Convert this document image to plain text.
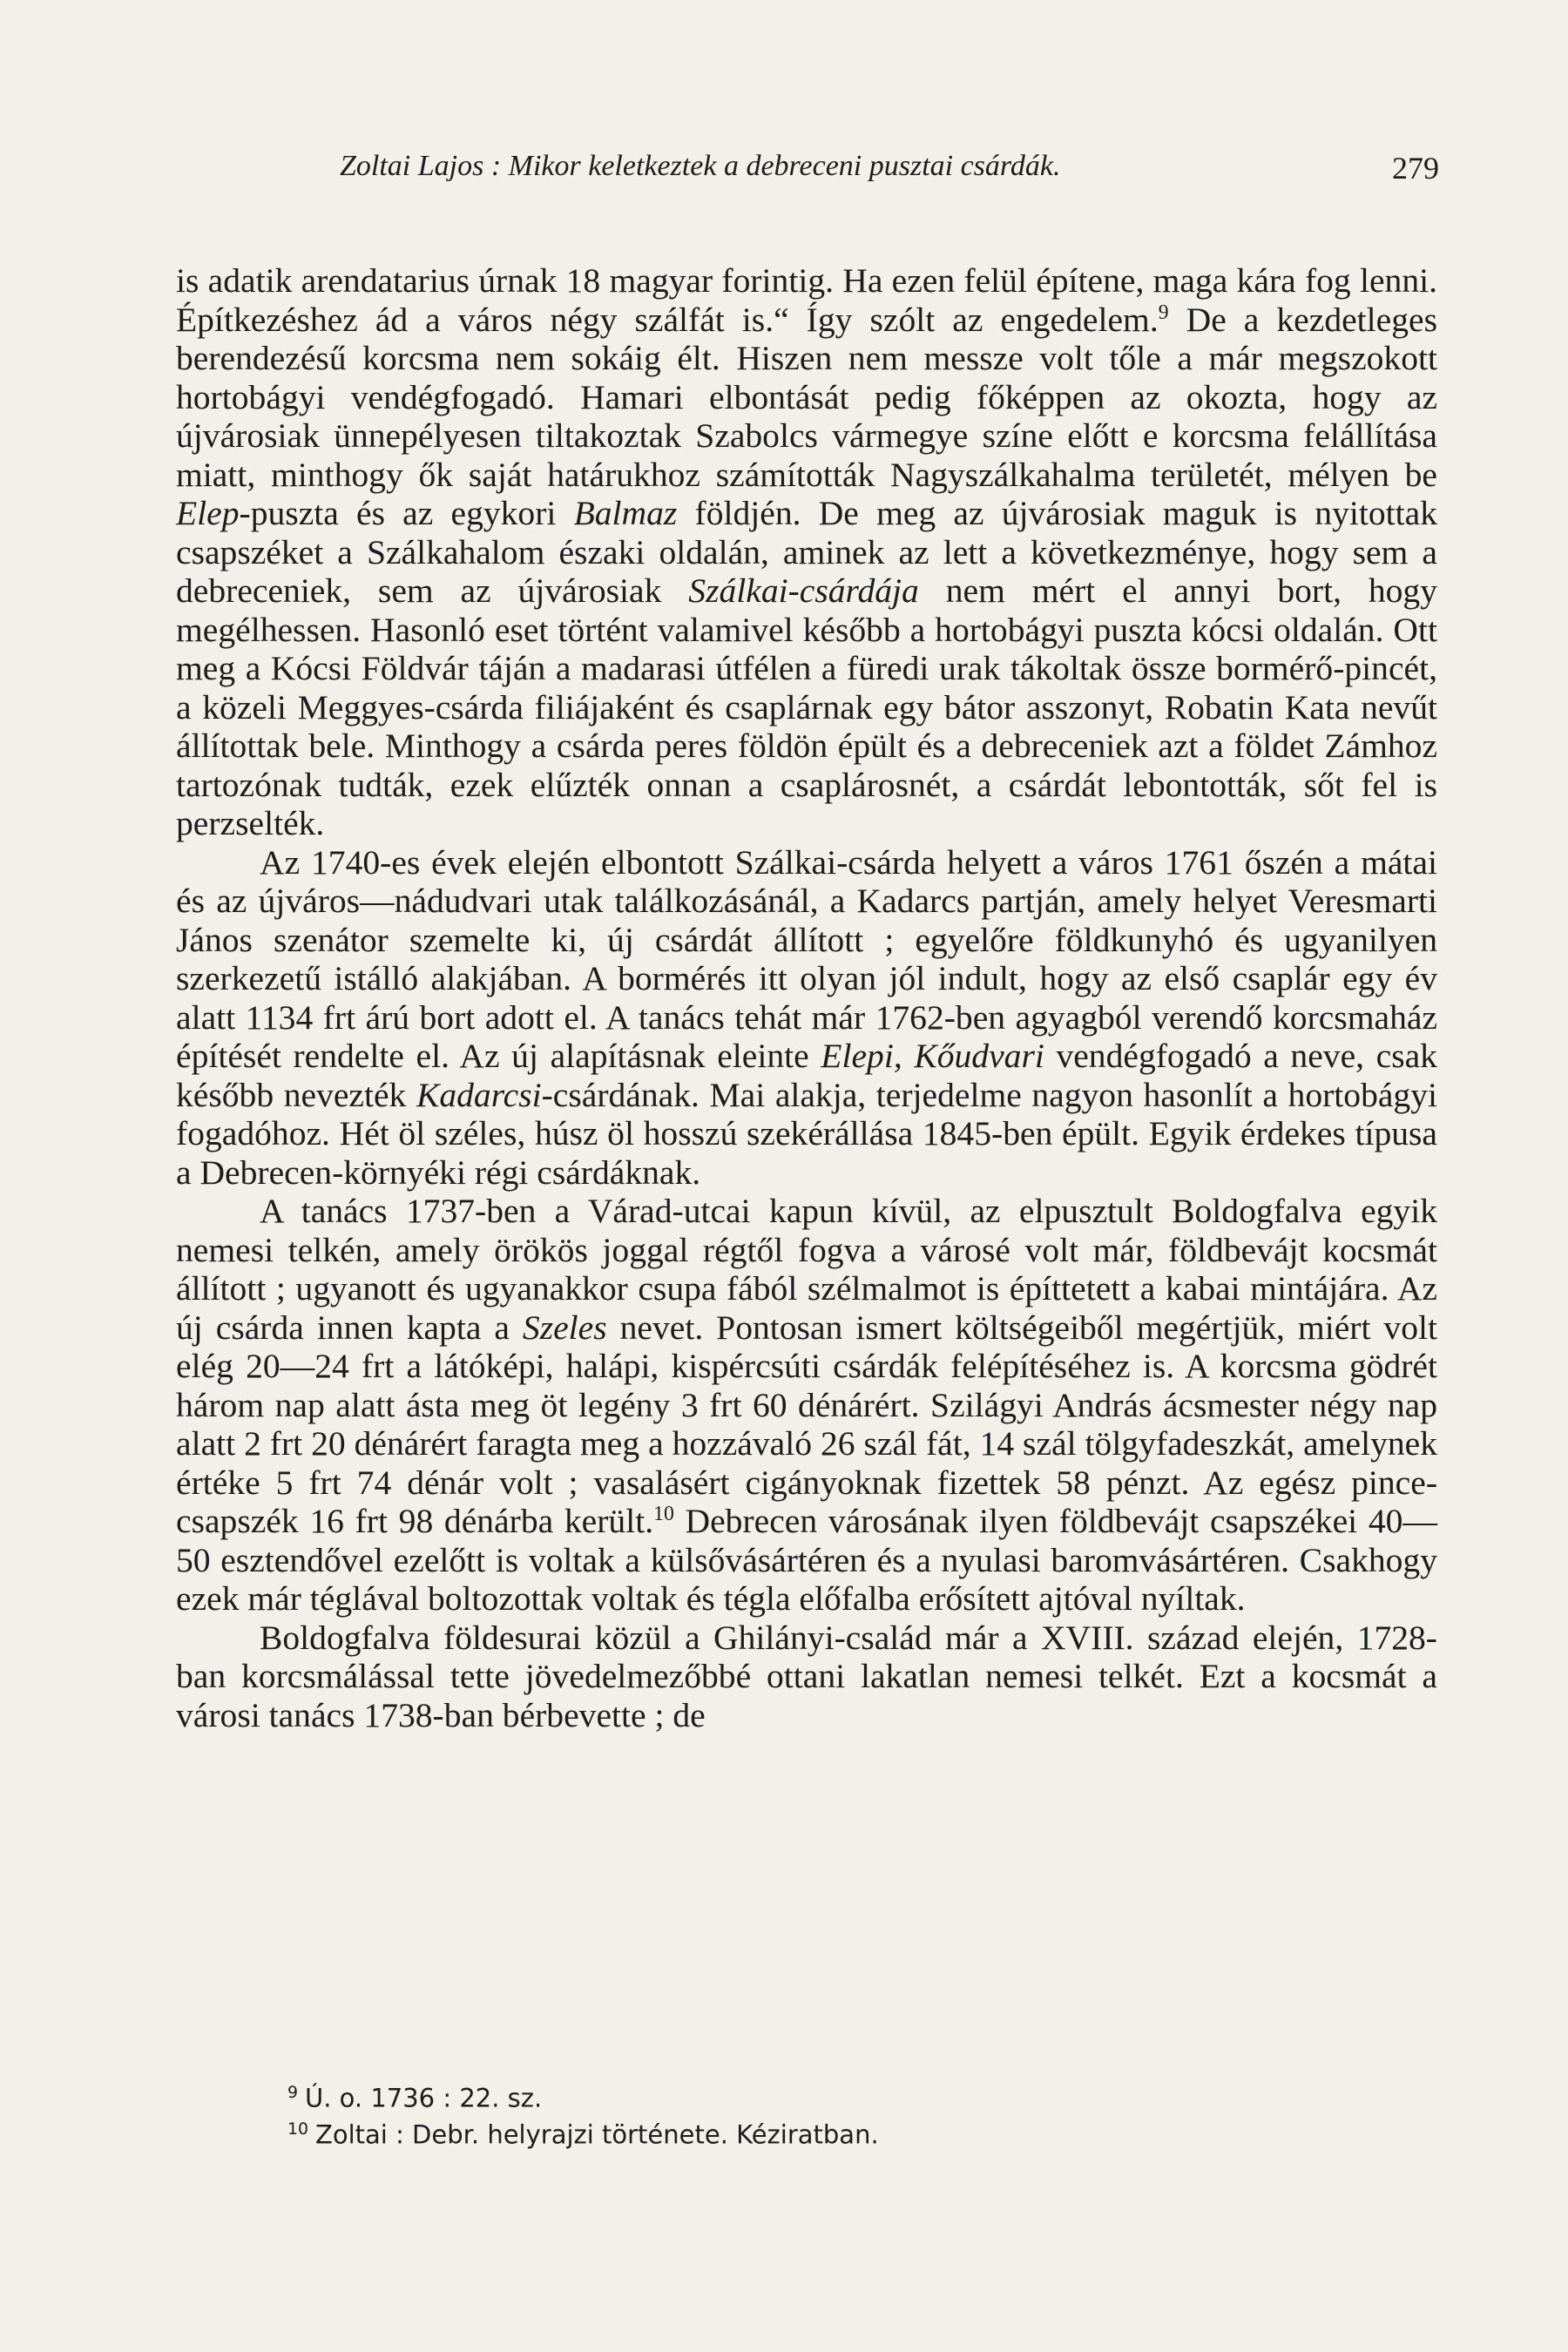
Zoltai Lajos : Mikor keletkeztek a debreceni pusztai csárdák.	279

is adatik arendatarius úrnak 18 magyar forintig. Ha ezen felül építene, maga kára fog lenni. Építkezéshez ád a város négy szálfát is.“ Így szólt az engedelem.$^9$ De a kezdetleges berendezésű korcsma nem sokáig élt. Hiszen nem messze volt tőle a már megszokott hortobágyi vendégfogadó. Hamari elbontását pedig főképpen az okozta, hogy az újvárosiak ünnepélyesen tiltakoztak Szabolcs vármegye színe előtt e korcsma felállítása miatt, minthogy ők saját határukhoz számították Nagyszálkahalma területét, mélyen be Elep-puszta és az egykori Balmaz földjén. De meg az újvárosiak maguk is nyitottak csapszéket a Szálkahalom északi oldalán, aminek az lett a következménye, hogy sem a debreceniek, sem az újvárosiak Szálkai-csárdája nem mért el annyi bort, hogy megélhessen. Hasonló eset történt valamivel később a hortobágyi puszta kócsi oldalán. Ott meg a Kócsi Földvár táján a madarasi útfélen a füredi urak tákoltak össze bormérő-pincét, a közeli Meggyes-csárda filiájaként és csaplárnak egy bátor asszonyt, Robatin Kata nevűt állítottak bele. Minthogy a csárda peres földön épült és a debreceniek azt a földet Zámhoz tartozónak tudták, ezek elűzték onnan a csaplárosnét, a csárdát lebontották, sőt fel is perzselték.

Az 1740-es évek elején elbontott Szálkai-csárda helyett a város 1761 őszén a mátai és az újváros—nádudvari utak találkozásánál, a Kadarcs partján, amely helyet Veresmarti János szenátor szemelte ki, új csárdát állított ; egyelőre földkunyhó és ugyanilyen szerkezetű istálló alakjában. A bormérés itt olyan jól indult, hogy az első csaplár egy év alatt 1134 frt árú bort adott el. A tanács tehát már 1762-ben agyagból verendő korcsmaház építését rendelte el. Az új alapításnak eleinte Elepi, Kőudvari vendégfogadó a neve, csak később nevezték Kadarcsi-csárdának. Mai alakja, terjedelme nagyon hasonlít a hortobágyi fogadóhoz. Hét öl széles, húsz öl hosszú szekérállása 1845-ben épült. Egyik érdekes típusa a Debrecen-környéki régi csárdáknak.

A tanács 1737-ben a Várad-utcai kapun kívül, az elpusztult Boldogfalva egyik nemesi telkén, amely örökös joggal régtől fogva a városé volt már, földbevájt kocsmát állított ; ugyanott és ugyanakkor csupa fából szélmalmot is építtetett a kabai mintájára. Az új csárda innen kapta a Szeles nevet. Pontosan ismert költségeiből megértjük, miért volt elég 20—24 frt a látóképi, halápi, kispércsúti csárdák felépítéséhez is. A korcsma gödrét három nap alatt ásta meg öt legény 3 frt 60 dénárért. Szilágyi András ácsmester négy nap alatt 2 frt 20 dénárért faragta meg a hozzávaló 26 szál fát, 14 szál tölgyfadeszkát, amelynek értéke 5 frt 74 dénár volt ; vasalásért cigányoknak fizettek 58 pénzt. Az egész pince-csapszék 16 frt 98 dénárba került.$^{10}$ Debrecen városának ilyen földbevájt csapszékei 40—50 esztendővel ezelőtt is voltak a külsővásártéren és a nyulasi baromvásártéren. Csakhogy ezek már téglával boltozottak voltak és tégla előfalba erősített ajtóval nyíltak.

Boldogfalva földesurai közül a Ghilányi-család már a XVIII. század elején, 1728-ban korcsmálással tette jövedelmezőbbé ottani lakatlan nemesi telkét. Ezt a kocsmát a városi tanács 1738-ban bérbevette ; de

$^9$ Ú. o. 1736 : 22. sz.
$^{10}$ Zoltai : Debr. helyrajzi története. Kéziratban.
